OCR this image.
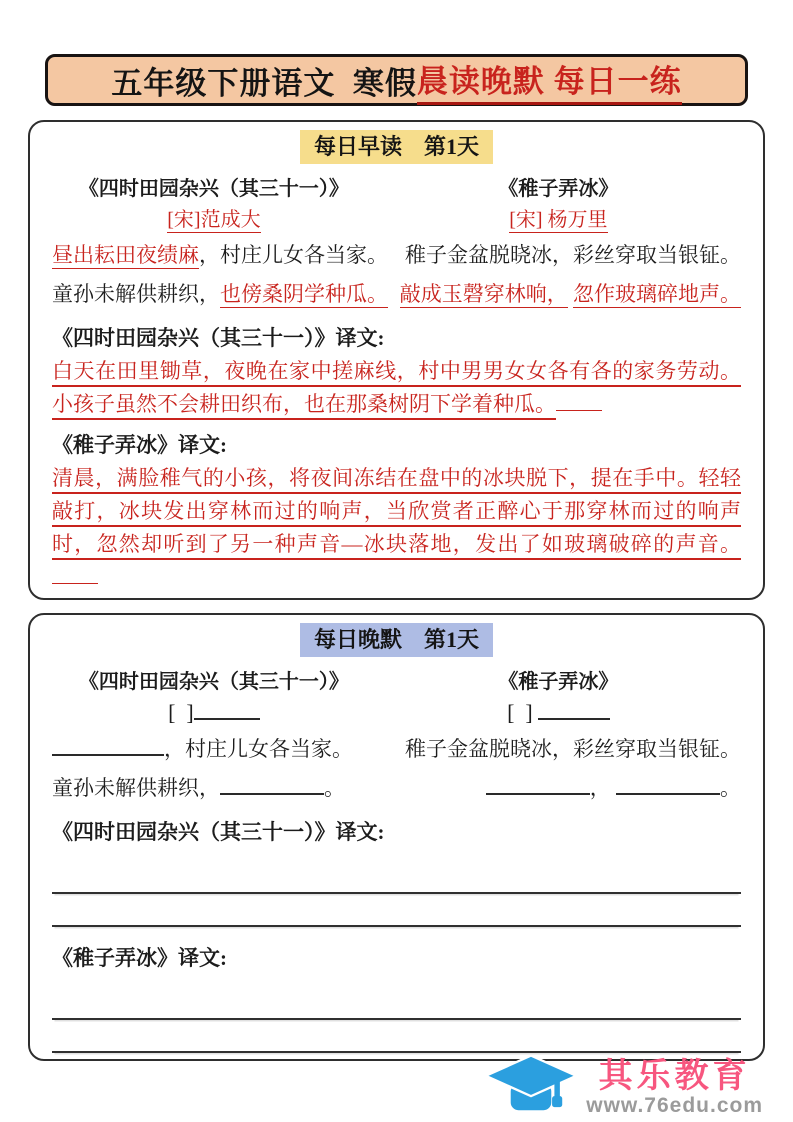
五年级下册语文  寒假 晨读晚默 每日一练
每日早读　第1天
《四时田园杂兴（其三十一）》
[宋]范成大
昼出耘田夜绩麻，村庄儿女各当家。
童孙未解供耕织，也傍桑阴学种瓜。
《稚子弄冰》
[宋] 杨万里
稚子金盆脱晓冰，彩丝穿取当银钲。
敲成玉磬穿林响， 忽作玻璃碎地声。
《四时田园杂兴（其三十一）》译文:
白天在田里锄草，夜晚在家中搓麻线，村中男男女女各有各的家务劳动。小孩子虽然不会耕田织布，也在那桑树阴下学着种瓜。
《稚子弄冰》译文:
清晨，满脸稚气的小孩，将夜间冻结在盘中的冰块脱下，提在手中。轻轻敲打，冰块发出穿林而过的响声，当欣赏者正醉心于那穿林而过的响声时，忽然却听到了另一种声音—冰块落地，发出了如玻璃破碎的声音。
每日晚默　第1天
《四时田园杂兴（其三十一）》
[  ]
，村庄儿女各当家。
童孙未解供耕织，	。
《稚子弄冰》
[  ]
稚子金盆脱晓冰，彩丝穿取当银钲。
，	。
《四时田园杂兴（其三十一）》译文:
《稚子弄冰》译文:
其乐教育
www.76edu.com
